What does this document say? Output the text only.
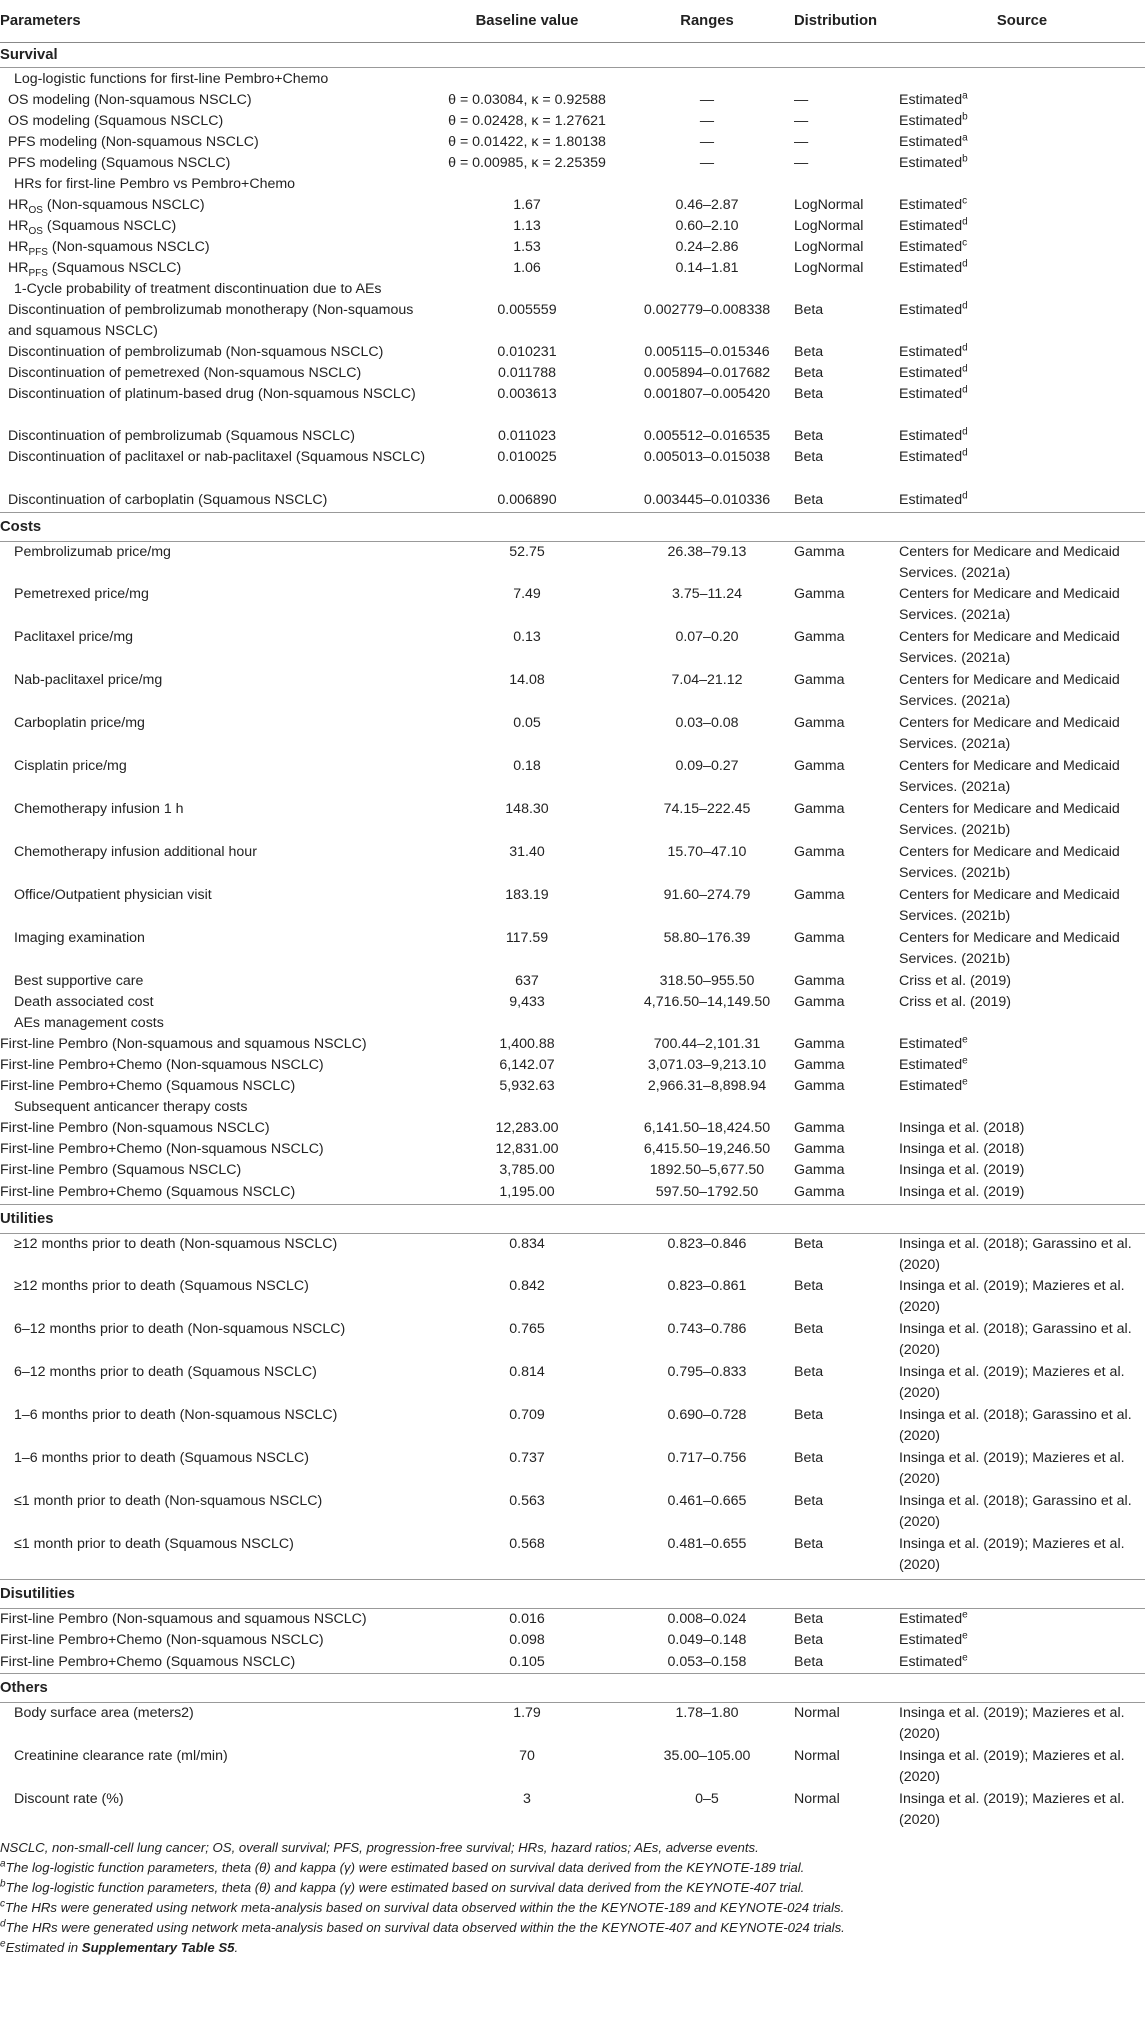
Parameters	Baseline value	Ranges	Distribution	Source
Survival				
Log-logistic functions for first-line Pembro+Chemo				
OS modeling (Non-squamous NSCLC)	θ = 0.03084, κ = 0.92588	—	—	Estimated$^a$
OS modeling (Squamous NSCLC)	θ = 0.02428, κ = 1.27621	—	—	Estimated$^b$
PFS modeling (Non-squamous NSCLC)	θ = 0.01422, κ = 1.80138	—	—	Estimated$^a$
PFS modeling (Squamous NSCLC)	θ = 0.00985, κ = 2.25359	—	—	Estimated$^b$
HRs for first-line Pembro vs Pembro+Chemo				
$HR_{OS}$ (Non-squamous NSCLC)	1.67	0.46–2.87	LogNormal	Estimated$^c$
$HR_{OS}$ (Squamous NSCLC)	1.13	0.60–2.10	LogNormal	Estimated$^d$
$HR_{PFS}$ (Non-squamous NSCLC)	1.53	0.24–2.86	LogNormal	Estimated$^c$
$HR_{PFS}$ (Squamous NSCLC)	1.06	0.14–1.81	LogNormal	Estimated$^d$
1-Cycle probability of treatment discontinuation due to AEs				
Discontinuation of pembrolizumab monotherapy (Non-squamous and squamous NSCLC)	0.005559	0.002779–0.008338	Beta	Estimated$^d$
Discontinuation of pembrolizumab (Non-squamous NSCLC)	0.010231	0.005115–0.015346	Beta	Estimated$^d$
Discontinuation of pemetrexed (Non-squamous NSCLC)	0.011788	0.005894–0.017682	Beta	Estimated$^d$
Discontinuation of platinum-based drug (Non-squamous NSCLC)	0.003613	0.001807–0.005420	Beta	Estimated$^d$
Discontinuation of pembrolizumab (Squamous NSCLC)	0.011023	0.005512–0.016535	Beta	Estimated$^d$
Discontinuation of paclitaxel or nab-paclitaxel (Squamous NSCLC)	0.010025	0.005013–0.015038	Beta	Estimated$^d$
Discontinuation of carboplatin (Squamous NSCLC)	0.006890	0.003445–0.010336	Beta	Estimated$^d$
Costs				
Pembrolizumab price/mg	52.75	26.38–79.13	Gamma	Centers for Medicare and Medicaid Services. (2021a)
Pemetrexed price/mg	7.49	3.75–11.24	Gamma	Centers for Medicare and Medicaid Services. (2021a)
Paclitaxel price/mg	0.13	0.07–0.20	Gamma	Centers for Medicare and Medicaid Services. (2021a)
Nab-paclitaxel price/mg	14.08	7.04–21.12	Gamma	Centers for Medicare and Medicaid Services. (2021a)
Carboplatin price/mg	0.05	0.03–0.08	Gamma	Centers for Medicare and Medicaid Services. (2021a)
Cisplatin price/mg	0.18	0.09–0.27	Gamma	Centers for Medicare and Medicaid Services. (2021a)
Chemotherapy infusion 1 h	148.30	74.15–222.45	Gamma	Centers for Medicare and Medicaid Services. (2021b)
Chemotherapy infusion additional hour	31.40	15.70–47.10	Gamma	Centers for Medicare and Medicaid Services. (2021b)
Office/Outpatient physician visit	183.19	91.60–274.79	Gamma	Centers for Medicare and Medicaid Services. (2021b)
Imaging examination	117.59	58.80–176.39	Gamma	Centers for Medicare and Medicaid Services. (2021b)
Best supportive care	637	318.50–955.50	Gamma	Criss et al. (2019)
Death associated cost	9,433	4,716.50–14,149.50	Gamma	Criss et al. (2019)
AEs management costs				
First-line Pembro (Non-squamous and squamous NSCLC)	1,400.88	700.44–2,101.31	Gamma	Estimated$^e$
First-line Pembro+Chemo (Non-squamous NSCLC)	6,142.07	3,071.03–9,213.10	Gamma	Estimated$^e$
First-line Pembro+Chemo (Squamous NSCLC)	5,932.63	2,966.31–8,898.94	Gamma	Estimated$^e$
Subsequent anticancer therapy costs				
First-line Pembro (Non-squamous NSCLC)	12,283.00	6,141.50–18,424.50	Gamma	Insinga et al. (2018)
First-line Pembro+Chemo (Non-squamous NSCLC)	12,831.00	6,415.50–19,246.50	Gamma	Insinga et al. (2018)
First-line Pembro (Squamous NSCLC)	3,785.00	1892.50–5,677.50	Gamma	Insinga et al. (2019)
First-line Pembro+Chemo (Squamous NSCLC)	1,195.00	597.50–1792.50	Gamma	Insinga et al. (2019)
Utilities				
≥12 months prior to death (Non-squamous NSCLC)	0.834	0.823–0.846	Beta	Insinga et al. (2018); Garassino et al. (2020)
≥12 months prior to death (Squamous NSCLC)	0.842	0.823–0.861	Beta	Insinga et al. (2019); Mazieres et al. (2020)
6–12 months prior to death (Non-squamous NSCLC)	0.765	0.743–0.786	Beta	Insinga et al. (2018); Garassino et al. (2020)
6–12 months prior to death (Squamous NSCLC)	0.814	0.795–0.833	Beta	Insinga et al. (2019); Mazieres et al. (2020)
1–6 months prior to death (Non-squamous NSCLC)	0.709	0.690–0.728	Beta	Insinga et al. (2018); Garassino et al. (2020)
1–6 months prior to death (Squamous NSCLC)	0.737	0.717–0.756	Beta	Insinga et al. (2019); Mazieres et al. (2020)
≤1 month prior to death (Non-squamous NSCLC)	0.563	0.461–0.665	Beta	Insinga et al. (2018); Garassino et al. (2020)
≤1 month prior to death (Squamous NSCLC)	0.568	0.481–0.655	Beta	Insinga et al. (2019); Mazieres et al. (2020)
Disutilities				
First-line Pembro (Non-squamous and squamous NSCLC)	0.016	0.008–0.024	Beta	Estimated$^e$
First-line Pembro+Chemo (Non-squamous NSCLC)	0.098	0.049–0.148	Beta	Estimated$^e$
First-line Pembro+Chemo (Squamous NSCLC)	0.105	0.053–0.158	Beta	Estimated$^e$
Others				
Body surface area (meters2)	1.79	1.78–1.80	Normal	Insinga et al. (2019); Mazieres et al. (2020)
Creatinine clearance rate (ml/min)	70	35.00–105.00	Normal	Insinga et al. (2019); Mazieres et al. (2020)
Discount rate (%)	3	0–5	Normal	Insinga et al. (2019); Mazieres et al. (2020)
NSCLC, non-small-cell lung cancer; OS, overall survival; PFS, progression-free survival; HRs, hazard ratios; AEs, adverse events.
$^a$The log-logistic function parameters, theta (θ) and kappa (γ) were estimated based on survival data derived from the KEYNOTE-189 trial.
$^b$The log-logistic function parameters, theta (θ) and kappa (γ) were estimated based on survival data derived from the KEYNOTE-407 trial.
$^c$The HRs were generated using network meta-analysis based on survival data observed within the the KEYNOTE-189 and KEYNOTE-024 trials.
$^d$The HRs were generated using network meta-analysis based on survival data observed within the the KEYNOTE-407 and KEYNOTE-024 trials.
$^e$Estimated in Supplementary Table S5.
